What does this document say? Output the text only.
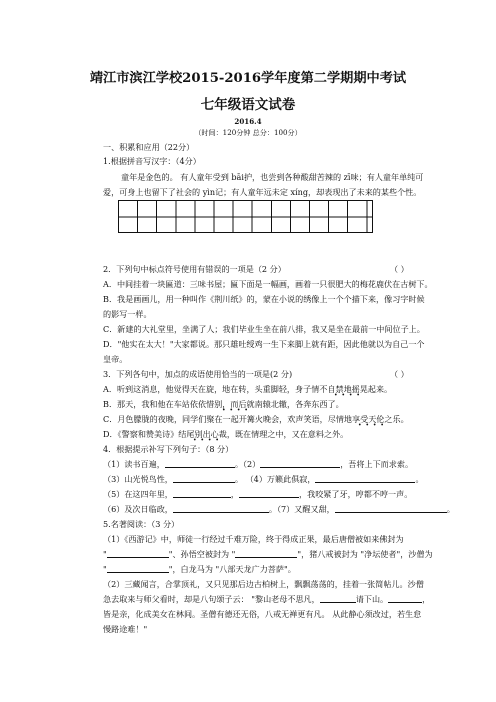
靖江市滨江学校2015-2016学年度第二学期期中考试
七年级语文试卷
2016.4
（时间：120分钟 总分：100分）
一、积累和应用（22分）
1.根据拼音写汉字：（4分）
童年是金色的。 有人童年受到 bāi护，也尝到各种酸甜苦辣的 zī味；有人童年单纯可
爱，可身上也留下了社会的 yìn记；有人童年远未定 xíng，却表现出了未来的某些个性。
2．下列句中标点符号使用有错误的一项是（2 分）	（ ）
A．中间挂着一块匾道：三味书屋；匾下面是一幅画，画着一只很肥大的梅花鹿伏在古树下。
B．我是画画儿，用一种叫作《荆川纸》的，蒙在小说的绣像上一个个描下来，像习字时候
的影写一样。
C．新建的大礼堂里，坐满了人；我们毕业生坐在前八排，我又是坐在最前一中间位子上。
D．"他实在太大！"大家都说。那只雄吐绶鸡一生下来脚上就有距，因此他就以为自己一个
皇帝。
3．下列各句中，加点的成语使用恰当的一项是(2 分)	（ ）
A．听到这消息，他觉得天在旋，地在转，头重脚轻，身子情不自禁地摇晃起来。
• • • •
B．那天，我和他在车站依依惜别，而后就南辕北辙，各奔东西了。
• • • •
C．月色朦胧的夜晚，同学们聚在一起开篝火晚会，欢声笑语，尽情地享受天伦之乐。
• • • •
D．《警察和赞美诗》结尾别出心裁，既在情理之中，又在意料之外。
• • • •
4．根据提示补写下列句子：（8 分）
（1）读书百遍，	。（2）	，吾将上下而求索。
（3）山光悦鸟性，	。 （4）万籁此俱寂，	。
（5）在这四年里，	，	，我咬紧了牙，哼都不哼一声。
（6）及次日临政，	。（7）又醒又甜，	。
5.名著阅读：（3 分）
（1）《西游记》中，师徒一行经过千难万险，终于得成正果，最后唐僧被如来佛封为
"	"、孙悟空被封为 "	"，猪八戒被封为 "净坛使者"，沙僧为
"	"，白龙马为 "八部天龙广力菩萨"。
（2）三藏闻言，合掌顶礼，又只见那后边古柏树上，飘飘荡荡的，挂着一张简帖儿。沙僧
急去取来与师父看时，却是八句颂子云： "黎山老母不思凡，	请下山。	，
皆是亲，化成美女在林间。圣僧有德还无俗，八戒无禅更有凡。 从此静心须改过，若生怠
慢路途难！"
